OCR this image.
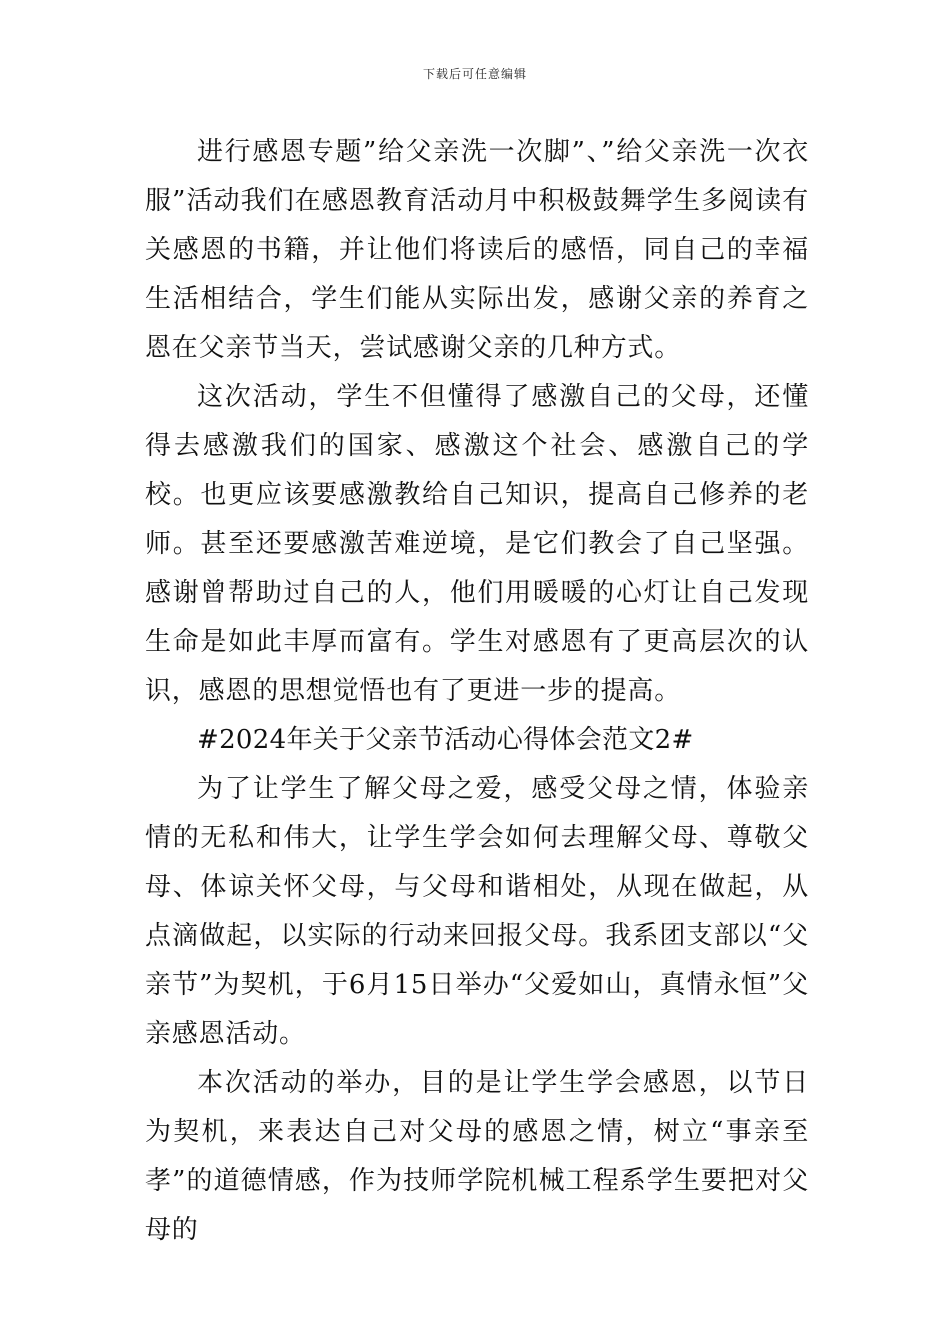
下载后可任意编辑

进行感恩专题”给父亲洗一次脚”、”给父亲洗一次衣服”活动我们在感恩教育活动月中积极鼓舞学生多阅读有关感恩的书籍，并让他们将读后的感悟，同自己的幸福生活相结合，学生们能从实际出发，感谢父亲的养育之恩在父亲节当天，尝试感谢父亲的几种方式。

这次活动，学生不但懂得了感激自己的父母，还懂得去感激我们的国家、感激这个社会、感激自己的学校。也更应该要感激教给自己知识，提高自己修养的老师。甚至还要感激苦难逆境，是它们教会了自己坚强。感谢曾帮助过自己的人，他们用暖暖的心灯让自己发现生命是如此丰厚而富有。学生对感恩有了更高层次的认识，感恩的思想觉悟也有了更进一步的提高。

#2024年关于父亲节活动心得体会范文2#

为了让学生了解父母之爱，感受父母之情，体验亲情的无私和伟大，让学生学会如何去理解父母、尊敬父母、体谅关怀父母，与父母和谐相处，从现在做起，从点滴做起，以实际的行动来回报父母。我系团支部以“父亲节”为契机，于6月15日举办“父爱如山，真情永恒”父亲感恩活动。

本次活动的举办，目的是让学生学会感恩，以节日为契机，来表达自己对父母的感恩之情，树立“事亲至孝”的道德情感，作为技师学院机械工程系学生要把对父母的
